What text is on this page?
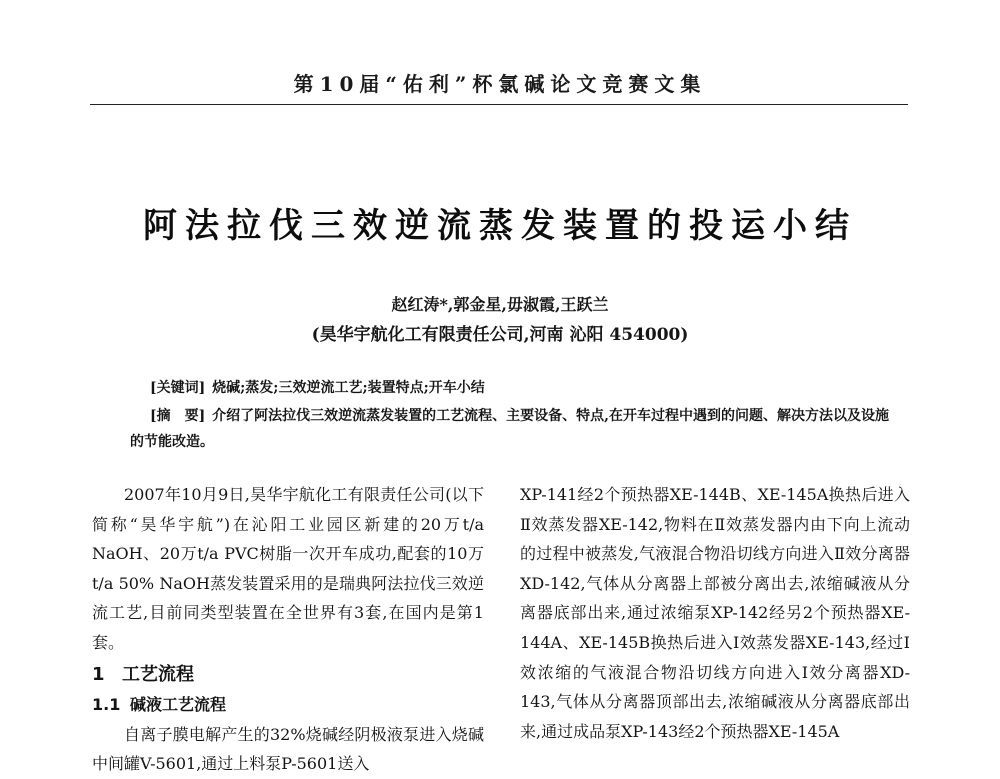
第10届“佑利”杯氯碱论文竞赛文集
阿法拉伐三效逆流蒸发装置的投运小结
赵红涛*,郭金星,毋淑霞,王跃兰
(昊华宇航化工有限责任公司,河南 沁阳 454000)
[关键词] 烧碱;蒸发;三效逆流工艺;装置特点;开车小结
[摘　要] 介绍了阿法拉伐三效逆流蒸发装置的工艺流程、主要设备、特点,在开车过程中遇到的问题、解决方法以及设施的节能改造。

2007年10月9日,昊华宇航化工有限责任公司(以下简称“昊华宇航”)在沁阳工业园区新建的20万t/a NaOH、20万t/a PVC树脂一次开车成功,配套的10万t/a 50% NaOH蒸发装置采用的是瑞典阿法拉伐三效逆流工艺,目前同类型装置在全世界有3套,在国内是第1套。

1 工艺流程
1.1 碱液工艺流程

自离子膜电解产生的32%烧碱经阴极液泵进入烧碱中间罐V-5601,通过上料泵P-5601送入

XP-141经2个预热器XE-144B、XE-145A换热后进入Ⅱ效蒸发器XE-142,物料在Ⅱ效蒸发器内由下向上流动的过程中被蒸发,气液混合物沿切线方向进入Ⅱ效分离器XD-142,气体从分离器上部被分离出去,浓缩碱液从分离器底部出来,通过浓缩泵XP-142经另2个预热器XE-144A、XE-145B换热后进入Ⅰ效蒸发器XE-143,经过Ⅰ效浓缩的气液混合物沿切线方向进入Ⅰ效分离器XD-143,气体从分离器顶部出去,浓缩碱液从分离器底部出来,通过成品泵XP-143经2个预热器XE-145A
